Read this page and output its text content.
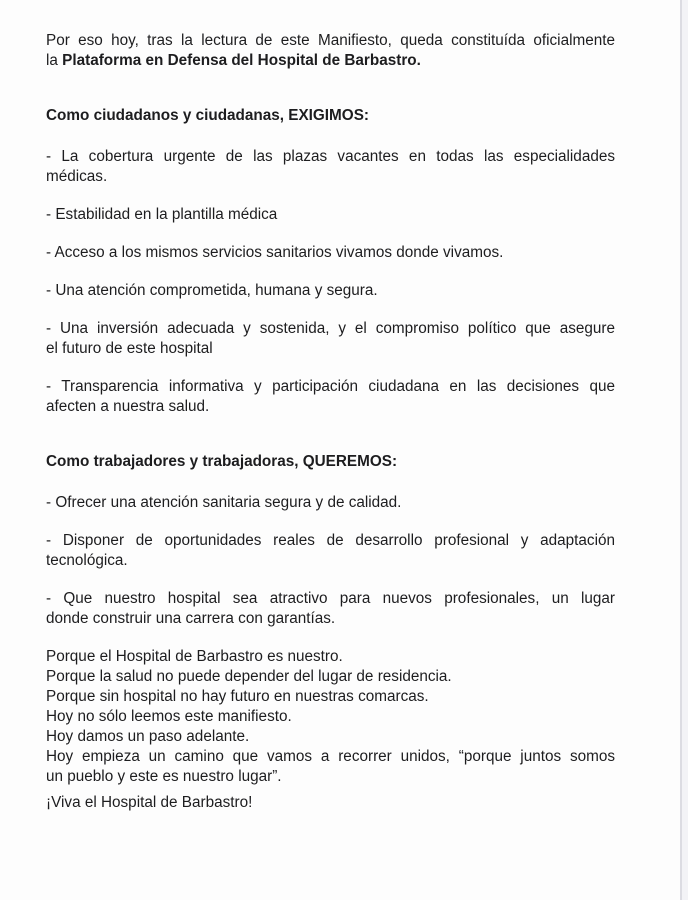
Por eso hoy, tras la lectura de este Manifiesto, queda constituída oficialmente
la Plataforma en Defensa del Hospital de Barbastro.
Como ciudadanos y ciudadanas, EXIGIMOS:
- La cobertura urgente de las plazas vacantes en todas las especialidades
médicas.
- Estabilidad en la plantilla médica
- Acceso a los mismos servicios sanitarios vivamos donde vivamos.
- Una atención comprometida, humana y segura.
- Una inversión adecuada y sostenida, y el compromiso político que asegure
el futuro de este hospital
- Transparencia informativa y participación ciudadana en las decisiones que
afecten a nuestra salud.
Como trabajadores y trabajadoras, QUEREMOS:
- Ofrecer una atención sanitaria segura y de calidad.
- Disponer de oportunidades reales de desarrollo profesional y adaptación
tecnológica.
- Que nuestro hospital sea atractivo para nuevos profesionales, un lugar
donde construir una carrera con garantías.
Porque el Hospital de Barbastro es nuestro.
Porque la salud no puede depender del lugar de residencia.
Porque sin hospital no hay futuro en nuestras comarcas.
Hoy no sólo leemos este manifiesto.
Hoy damos un paso adelante.
Hoy empieza un camino que vamos a recorrer unidos, “porque juntos somos
un pueblo y este es nuestro lugar”.
¡Viva el Hospital de Barbastro!
